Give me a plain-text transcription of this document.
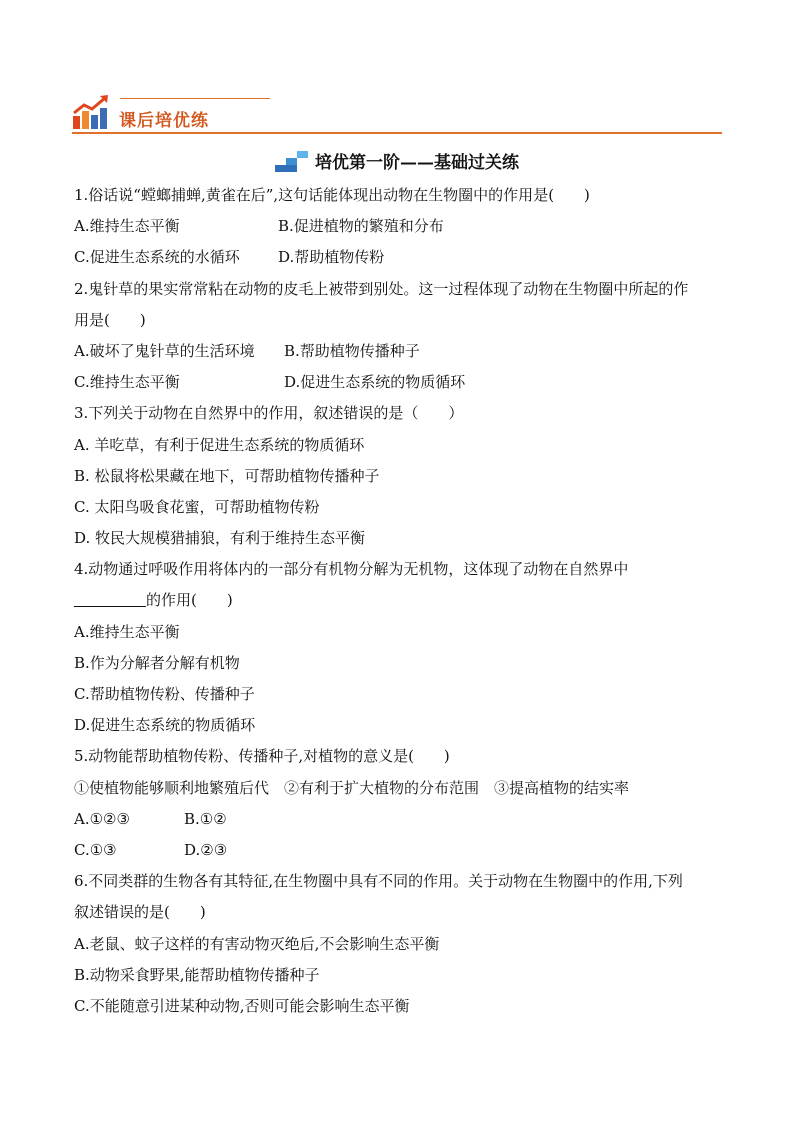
课后培优练
培优第一阶——基础过关练
1.俗话说“螳螂捕蝉,黄雀在后”,这句话能体现出动物在生物圈中的作用是(　　)
A.维持生态平衡	B.促进植物的繁殖和分布
C.促进生态系统的水循环	D.帮助植物传粉
2.鬼针草的果实常常粘在动物的皮毛上被带到别处。这一过程体现了动物在生物圈中所起的作
用是(　　)
A.破坏了鬼针草的生活环境	B.帮助植物传播种子
C.维持生态平衡	D.促进生态系统的物质循环
3.下列关于动物在自然界中的作用，叙述错误的是（　　）
A. 羊吃草，有利于促进生态系统的物质循环
B. 松鼠将松果藏在地下，可帮助植物传播种子
C. 太阳鸟吸食花蜜，可帮助植物传粉
D. 牧民大规模猎捕狼，有利于维持生态平衡
4.动物通过呼吸作用将体内的一部分有机物分解为无机物，这体现了动物在自然界中
的作用(　　)
A.维持生态平衡
B.作为分解者分解有机物
C.帮助植物传粉、传播种子
D.促进生态系统的物质循环
5.动物能帮助植物传粉、传播种子,对植物的意义是(　　)
①使植物能够顺利地繁殖后代　②有利于扩大植物的分布范围　③提高植物的结实率
A.①②③	B.①②
C.①③	D.②③
6.不同类群的生物各有其特征,在生物圈中具有不同的作用。关于动物在生物圈中的作用,下列
叙述错误的是(　　)
A.老鼠、蚊子这样的有害动物灭绝后,不会影响生态平衡
B.动物采食野果,能帮助植物传播种子
C.不能随意引进某种动物,否则可能会影响生态平衡
